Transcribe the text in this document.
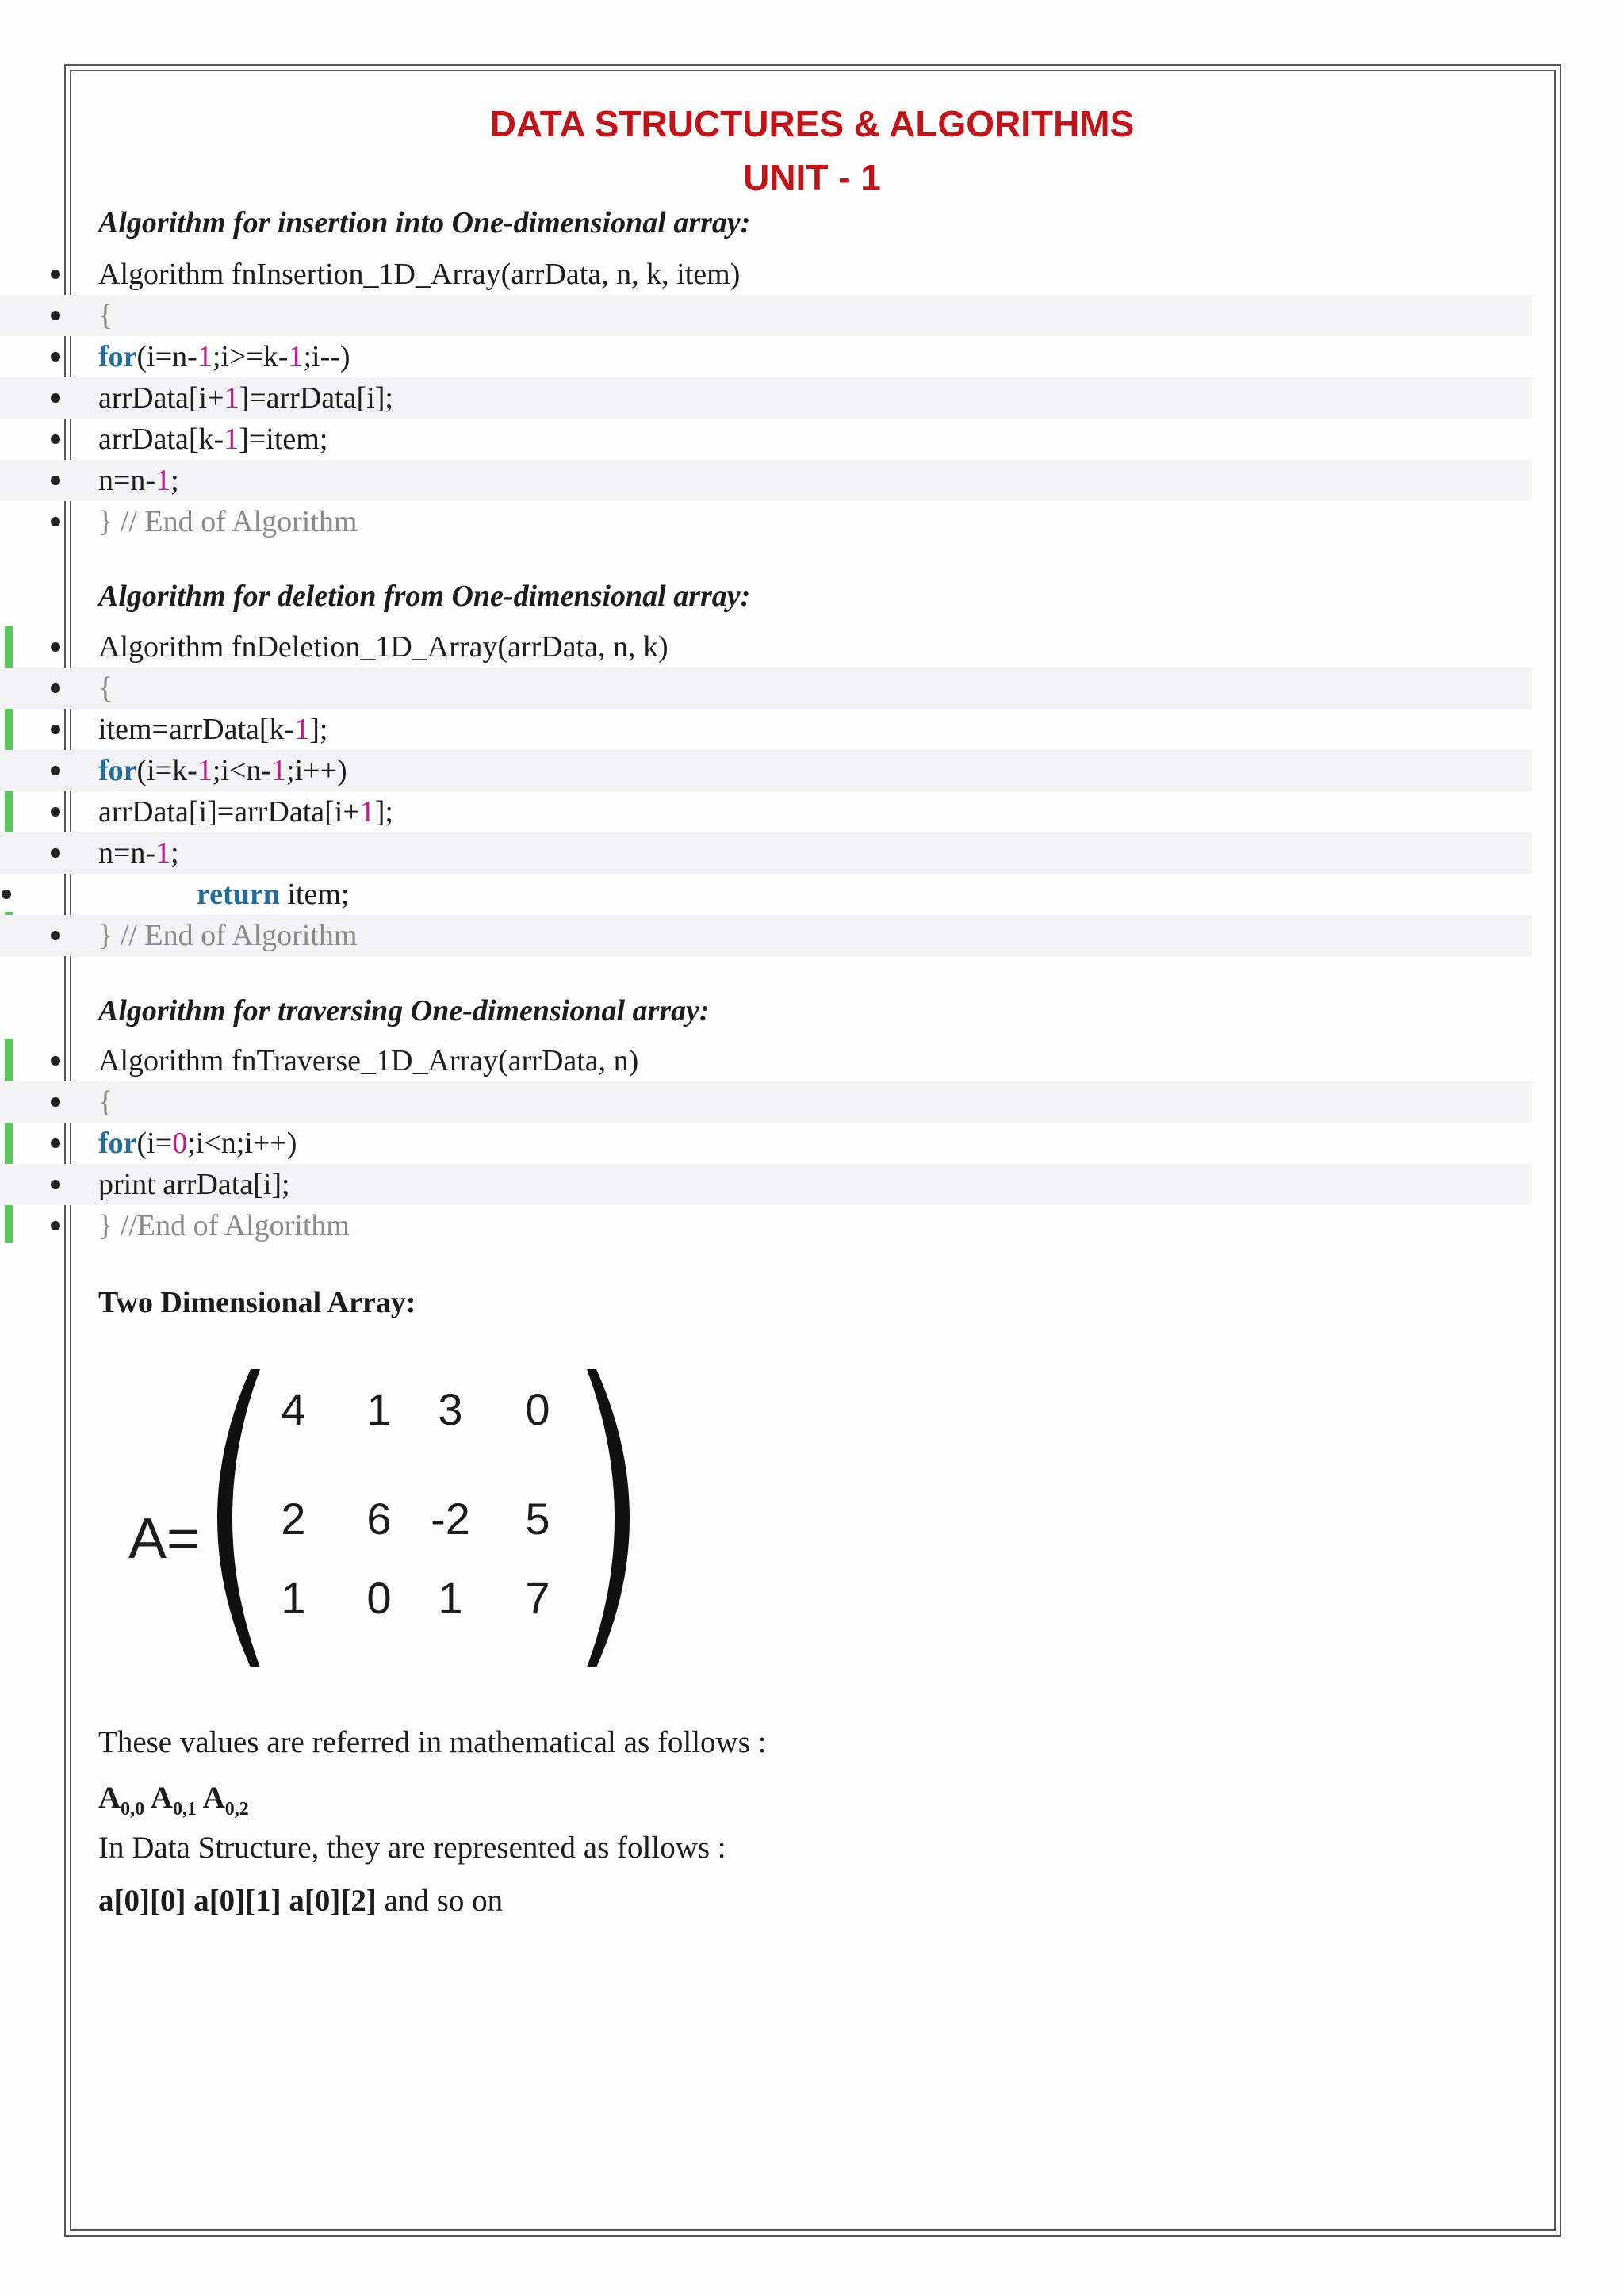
DATA STRUCTURES & ALGORITHMS
UNIT - 1
Algorithm for insertion into One-dimensional array:
Algorithm fnInsertion_1D_Array(arrData, n, k, item)
{
for(i=n-1;i>=k-1;i--)
arrData[i+1]=arrData[i];
arrData[k-1]=item;
n=n-1;
} // End of Algorithm
Algorithm for deletion from One-dimensional array:
Algorithm fnDeletion_1D_Array(arrData, n, k)
{
item=arrData[k-1];
for(i=k-1;i<n-1;i++)
arrData[i]=arrData[i+1];
n=n-1;
return item;
} // End of Algorithm
Algorithm for traversing One-dimensional array:
Algorithm fnTraverse_1D_Array(arrData, n)
{
for(i=0;i<n;i++)
print arrData[i];
} //End of Algorithm
Two Dimensional Array:
A=
4 1 3 0
2 6 -2 5
1 0 1 7
These values are referred in mathematical as follows :
$A_{0,0}$ $A_{0,1}$ $A_{0,2}$
In Data Structure, they are represented as follows :
a[0][0] a[0][1] a[0][2] and so on
